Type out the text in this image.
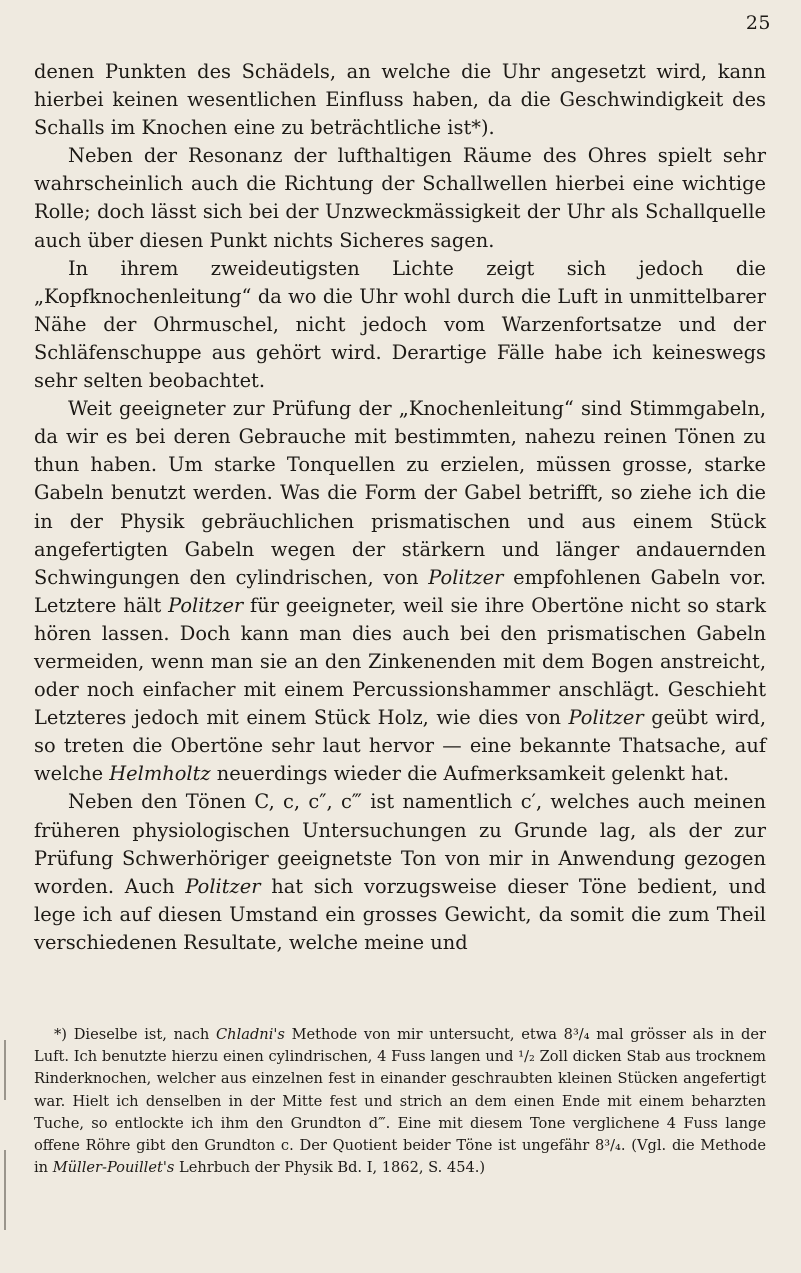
25

denen Punkten des Schädels, an welche die Uhr angesetzt wird, kann hierbei keinen wesentlichen Einfluss haben, da die Geschwindigkeit des Schalls im Knochen eine zu beträchtliche ist*).

Neben der Resonanz der lufthaltigen Räume des Ohres spielt sehr wahrscheinlich auch die Richtung der Schallwellen hierbei eine wichtige Rolle; doch lässt sich bei der Unzweckmässigkeit der Uhr als Schallquelle auch über diesen Punkt nichts Sicheres sagen.

In ihrem zweideutigsten Lichte zeigt sich jedoch die „Kopfknochenleitung“ da wo die Uhr wohl durch die Luft in unmittelbarer Nähe der Ohrmuschel, nicht jedoch vom Warzenfortsatze und der Schläfenschuppe aus gehört wird. Derartige Fälle habe ich keineswegs sehr selten beobachtet.

Weit geeigneter zur Prüfung der „Knochenleitung“ sind Stimmgabeln, da wir es bei deren Gebrauche mit bestimmten, nahezu reinen Tönen zu thun haben. Um starke Tonquellen zu erzielen, müssen grosse, starke Gabeln benutzt werden. Was die Form der Gabel betrifft, so ziehe ich die in der Physik gebräuchlichen prismatischen und aus einem Stück angefertigten Gabeln wegen der stärkern und länger andauernden Schwingungen den cylindrischen, von Politzer empfohlenen Gabeln vor. Letztere hält Politzer für geeigneter, weil sie ihre Obertöne nicht so stark hören lassen. Doch kann man dies auch bei den prismatischen Gabeln vermeiden, wenn man sie an den Zinkenenden mit dem Bogen anstreicht, oder noch einfacher mit einem Percussionshammer anschlägt. Geschieht Letzteres jedoch mit einem Stück Holz, wie dies von Politzer geübt wird, so treten die Obertöne sehr laut hervor — eine bekannte Thatsache, auf welche Helmholtz neuerdings wieder die Aufmerksamkeit gelenkt hat.

Neben den Tönen C, c, c″, c‴ ist namentlich c′, welches auch meinen früheren physiologischen Untersuchungen zu Grunde lag, als der zur Prüfung Schwerhöriger geeignetste Ton von mir in Anwendung gezogen worden. Auch Politzer hat sich vorzugsweise dieser Töne bedient, und lege ich auf diesen Umstand ein grosses Gewicht, da somit die zum Theil verschiedenen Resultate, welche meine und

*) Dieselbe ist, nach Chladni's Methode von mir untersucht, etwa 8³/₄ mal grösser als in der Luft. Ich benutzte hierzu einen cylindrischen, 4 Fuss langen und ¹/₂ Zoll dicken Stab aus trocknem Rinderknochen, welcher aus einzelnen fest in einander geschraubten kleinen Stücken angefertigt war. Hielt ich denselben in der Mitte fest und strich an dem einen Ende mit einem beharzten Tuche, so entlockte ich ihm den Grundton d‴. Eine mit diesem Tone verglichene 4 Fuss lange offene Röhre gibt den Grundton c. Der Quotient beider Töne ist ungefähr 8³/₄. (Vgl. die Methode in Müller-Pouillet's Lehrbuch der Physik Bd. I, 1862, S. 454.)
